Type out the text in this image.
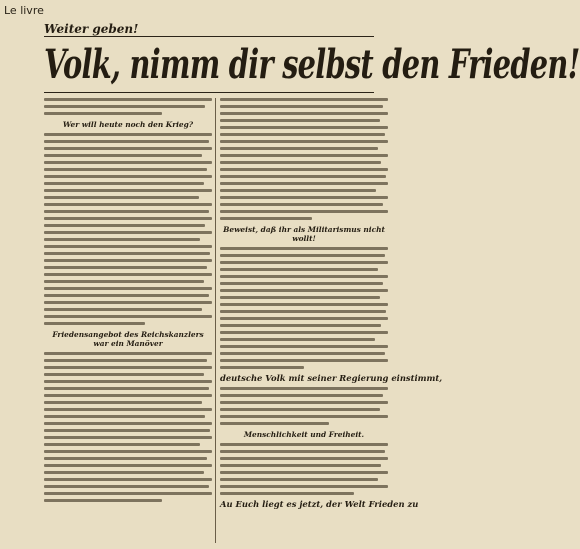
Le livre
Weiter geben!
Volk, nimm dir selbst den Frieden!
Wer will heute noch den Krieg?
Friedensangebot des Reichskanzlers war ein Manöver
Beweist, daß ihr als Militarismus nicht wollt!
deutsche Volk mit seiner Regierung einstimmt,
Menschlichkeit und Freiheit.
Au Euch liegt es jetzt, der Welt Frieden zu
